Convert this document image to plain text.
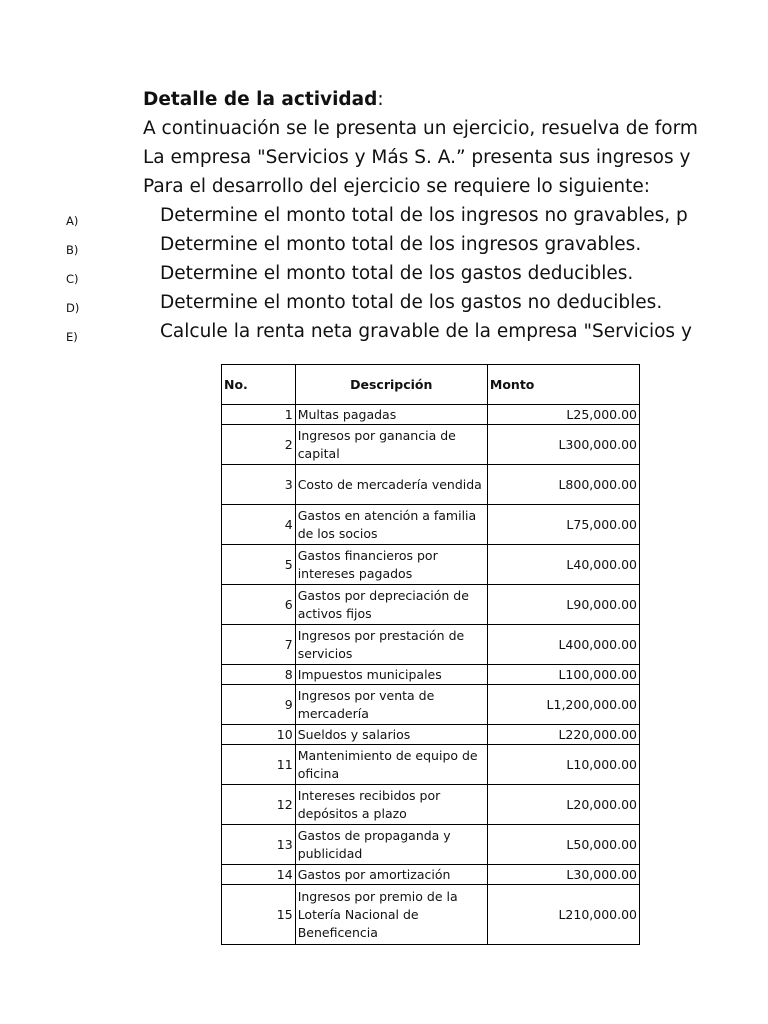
Detalle de la actividad:
A continuación se le presenta un ejercicio, resuelva de form
La empresa "Servicios y Más S. A.” presenta sus ingresos y
Para el desarrollo del ejercicio se requiere lo siguiente:
A)	Determine el monto total de los ingresos no gravables, p
B)	Determine el monto total de los ingresos gravables.
C)	Determine el monto total de los gastos deducibles.
D)	Determine el monto total de los gastos no deducibles.
E)	Calcule la renta neta gravable de la empresa "Servicios y
No.	Descripción	Monto
1	Multas pagadas	L25,000.00
2	Ingresos por ganancia de capital	L300,000.00
3	Costo de mercadería vendida	L800,000.00
4	Gastos en atención a familia de los socios	L75,000.00
5	Gastos financieros por intereses pagados	L40,000.00
6	Gastos por depreciación de activos fijos	L90,000.00
7	Ingresos por prestación de servicios	L400,000.00
8	Impuestos municipales	L100,000.00
9	Ingresos por venta de mercadería	L1,200,000.00
10	Sueldos y salarios	L220,000.00
11	Mantenimiento de equipo de oficina	L10,000.00
12	Intereses recibidos por depósitos a plazo	L20,000.00
13	Gastos de propaganda y publicidad	L50,000.00
14	Gastos por amortización	L30,000.00
15	Ingresos por premio de la Lotería Nacional de Beneficencia	L210,000.00
